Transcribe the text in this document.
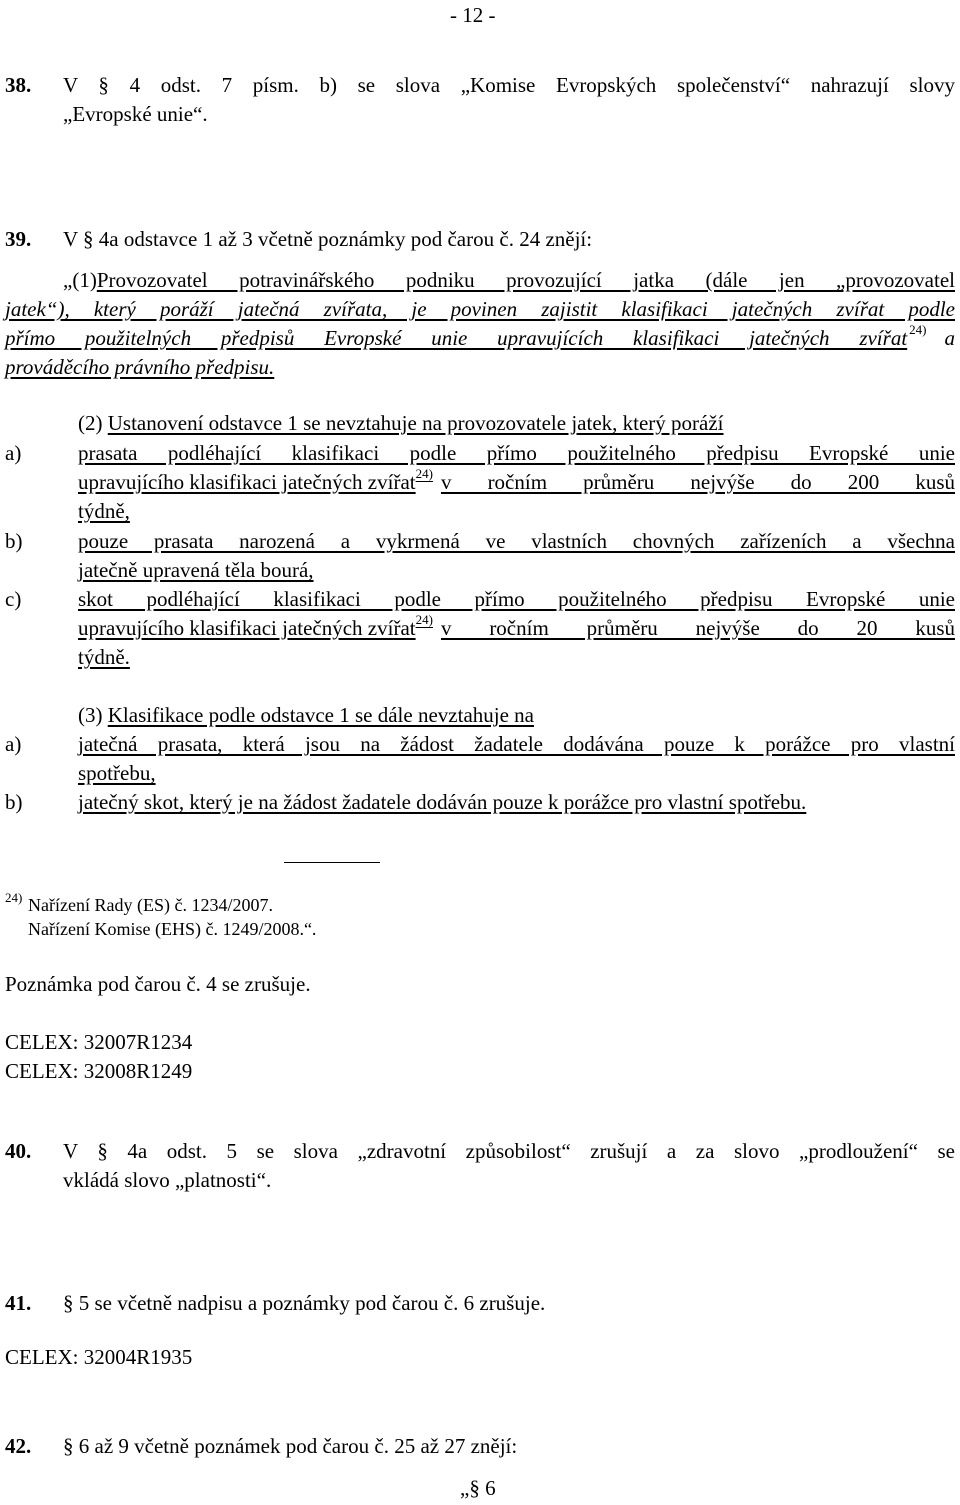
- 12 -
38. V § 4 odst. 7 písm. b) se slova „Komise Evropských společenství“ nahrazují slovy
„Evropské unie“.
39. V § 4a odstavce 1 až 3 včetně poznámky pod čarou č. 24 znějí:
„(1) Provozovatel potravinářského podniku provozující jatka (dále jen „provozovatel
jatek“), který poráží jatečná zvířata, je povinen zajistit klasifikaci jatečných zvířat podle
přímo použitelných předpisů Evropské unie upravujících klasifikaci jatečných zvířat 24) a
prováděcího právního předpisu.
(2) Ustanovení odstavce 1 se nevztahuje na provozovatele jatek, který poráží
a)	prasata podléhající klasifikaci podle přímo použitelného předpisu Evropské unie
upravujícího klasifikaci jatečných zvířat 24) v ročním průměru nejvýše do 200 kusů
týdně,
b)	pouze prasata narozená a vykrmená ve vlastních chovných zařízeních a všechna
jatečně upravená těla bourá,
c)	skot podléhající klasifikaci podle přímo použitelného předpisu Evropské unie
upravujícího klasifikaci jatečných zvířat 24) v ročním průměru nejvýše do 20 kusů
týdně.
(3) Klasifikace podle odstavce 1 se dále nevztahuje na
a)	jatečná prasata, která jsou na žádost žadatele dodávána pouze k porážce pro vlastní
spotřebu,
b)	jatečný skot, který je na žádost žadatele dodáván pouze k porážce pro vlastní spotřebu.
24) Nařízení Rady (ES) č. 1234/2007.
Nařízení Komise (EHS) č. 1249/2008.“.
Poznámka pod čarou č. 4 se zrušuje.
CELEX: 32007R1234
CELEX: 32008R1249
40. V § 4a odst. 5 se slova „zdravotní způsobilost“ zrušují a za slovo „prodloužení“ se
vkládá slovo „platnosti“.
41. § 5 se včetně nadpisu a poznámky pod čarou č. 6 zrušuje.
CELEX: 32004R1935
42. § 6 až 9 včetně poznámek pod čarou č. 25 až 27 znějí:
„§ 6
